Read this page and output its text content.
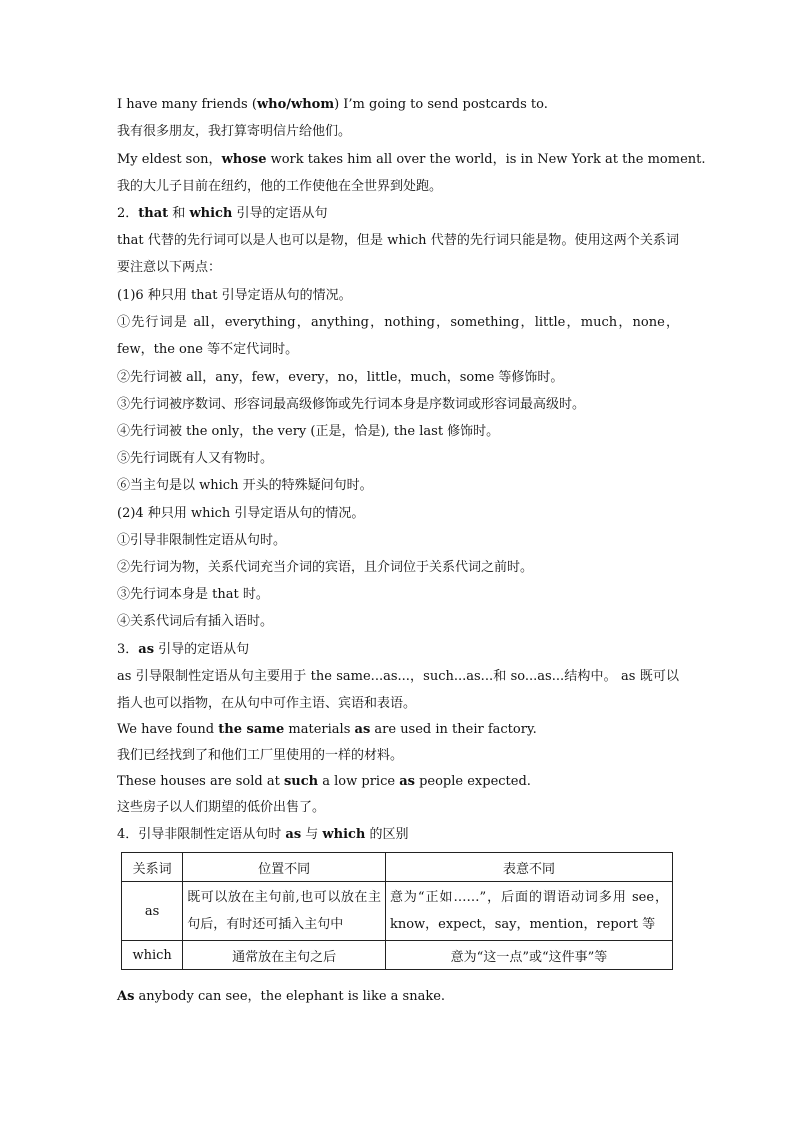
I have many friends (who/whom) I’m going to send postcards to.
我有很多朋友，我打算寄明信片给他们。
My eldest son，whose work takes him all over the world，is in New York at the moment.
我的大儿子目前在纽约，他的工作使他在全世界到处跑。
2．that 和 which 引导的定语从句
that 代替的先行词可以是人也可以是物，但是 which 代替的先行词只能是物。使用这两个关系词要注意以下两点：
(1)6 种只用 that 引导定语从句的情况。
①先行词是 all，everything，anything，nothing，something，little，much，none，few，the one 等不定代词时。
②先行词被 all，any，few，every，no，little，much，some 等修饰时。
③先行词被序数词、形容词最高级修饰或先行词本身是序数词或形容词最高级时。
④先行词被 the only，the very (正是，恰是), the last 修饰时。
⑤先行词既有人又有物时。
⑥当主句是以 which 开头的特殊疑问句时。
(2)4 种只用 which 引导定语从句的情况。
①引导非限制性定语从句时。
②先行词为物，关系代词充当介词的宾语，且介词位于关系代词之前时。
③先行词本身是 that 时。
④关系代词后有插入语时。
3．as 引导的定语从句
as 引导限制性定语从句主要用于 the same...as...，such...as...和 so...as...结构中。 as 既可以指人也可以指物，在从句中可作主语、宾语和表语。
We have found the same materials as are used in their factory.
我们已经找到了和他们工厂里使用的一样的材料。
These houses are sold at such a low price as people expected.
这些房子以人们期望的低价出售了。
4．引导非限制性定语从句时 as 与 which 的区别
关系词	位置不同	表意不同
as	既可以放在主句前,也可以放在主句后，有时还可插入主句中	意为“正如……”，后面的谓语动词多用 see，know，expect，say，mention，report 等
which	通常放在主句之后	意为“这一点”或“这件事”等
As anybody can see，the elephant is like a snake.
